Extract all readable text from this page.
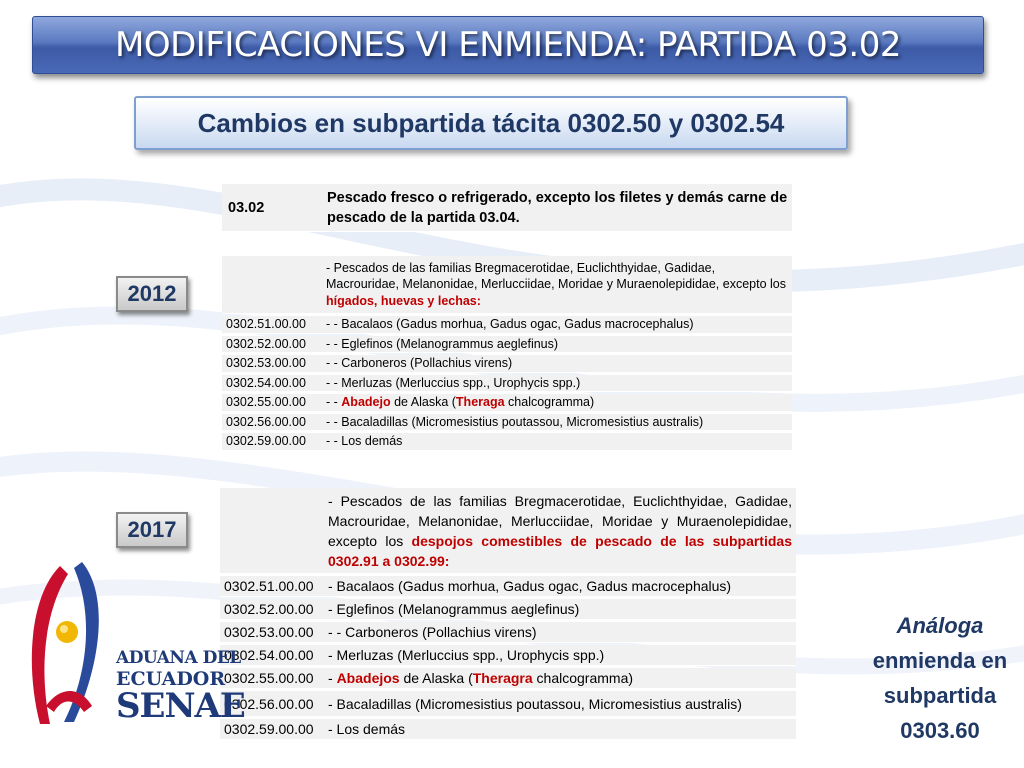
MODIFICACIONES VI ENMIENDA: PARTIDA 03.02
Cambios en subpartida tácita 0302.50 y 0302.54
2012
2017
03.02	Pescado fresco o refrigerado, excepto los filetes y demás carne de pescado de la partida 03.04.
	- Pescados de las familias Bregmacerotidae, Euclichthyidae, Gadidae, Macrouridae, Melanonidae, Merlucciidae, Moridae y Muraenolepididae, excepto los hígados, huevas y lechas:
0302.51.00.00	- - Bacalaos (Gadus morhua, Gadus ogac, Gadus macrocephalus)
0302.52.00.00	- - Eglefinos (Melanogrammus aeglefinus)
0302.53.00.00	- - Carboneros (Pollachius virens)
0302.54.00.00	- - Merluzas (Merluccius spp., Urophycis spp.)
0302.55.00.00	- - Abadejo de Alaska (Theraga chalcogramma)
0302.56.00.00	- - Bacaladillas (Micromesistius poutassou, Micromesistius australis)
0302.59.00.00	- - Los demás
	- Pescados de las familias Bregmacerotidae, Euclichthyidae, Gadidae, Macrouridae, Melanonidae, Merlucciidae, Moridae y Muraenolepididae, excepto los despojos comestibles de pescado de las subpartidas 0302.91 a 0302.99:
0302.51.00.00	- Bacalaos (Gadus morhua, Gadus ogac, Gadus macrocephalus)
0302.52.00.00	- Eglefinos (Melanogrammus aeglefinus)
0302.53.00.00	- - Carboneros (Pollachius virens)
0302.54.00.00	- Merluzas (Merluccius spp., Urophycis spp.)
0302.55.00.00	- Abadejos de Alaska (Theragra chalcogramma)
0302.56.00.00	- Bacaladillas (Micromesistius poutassou, Micromesistius australis)
0302.59.00.00	- Los demás
Análoga
enmienda en
subpartida
0303.60
ADUANA DEL
ECUADOR
SENAE
